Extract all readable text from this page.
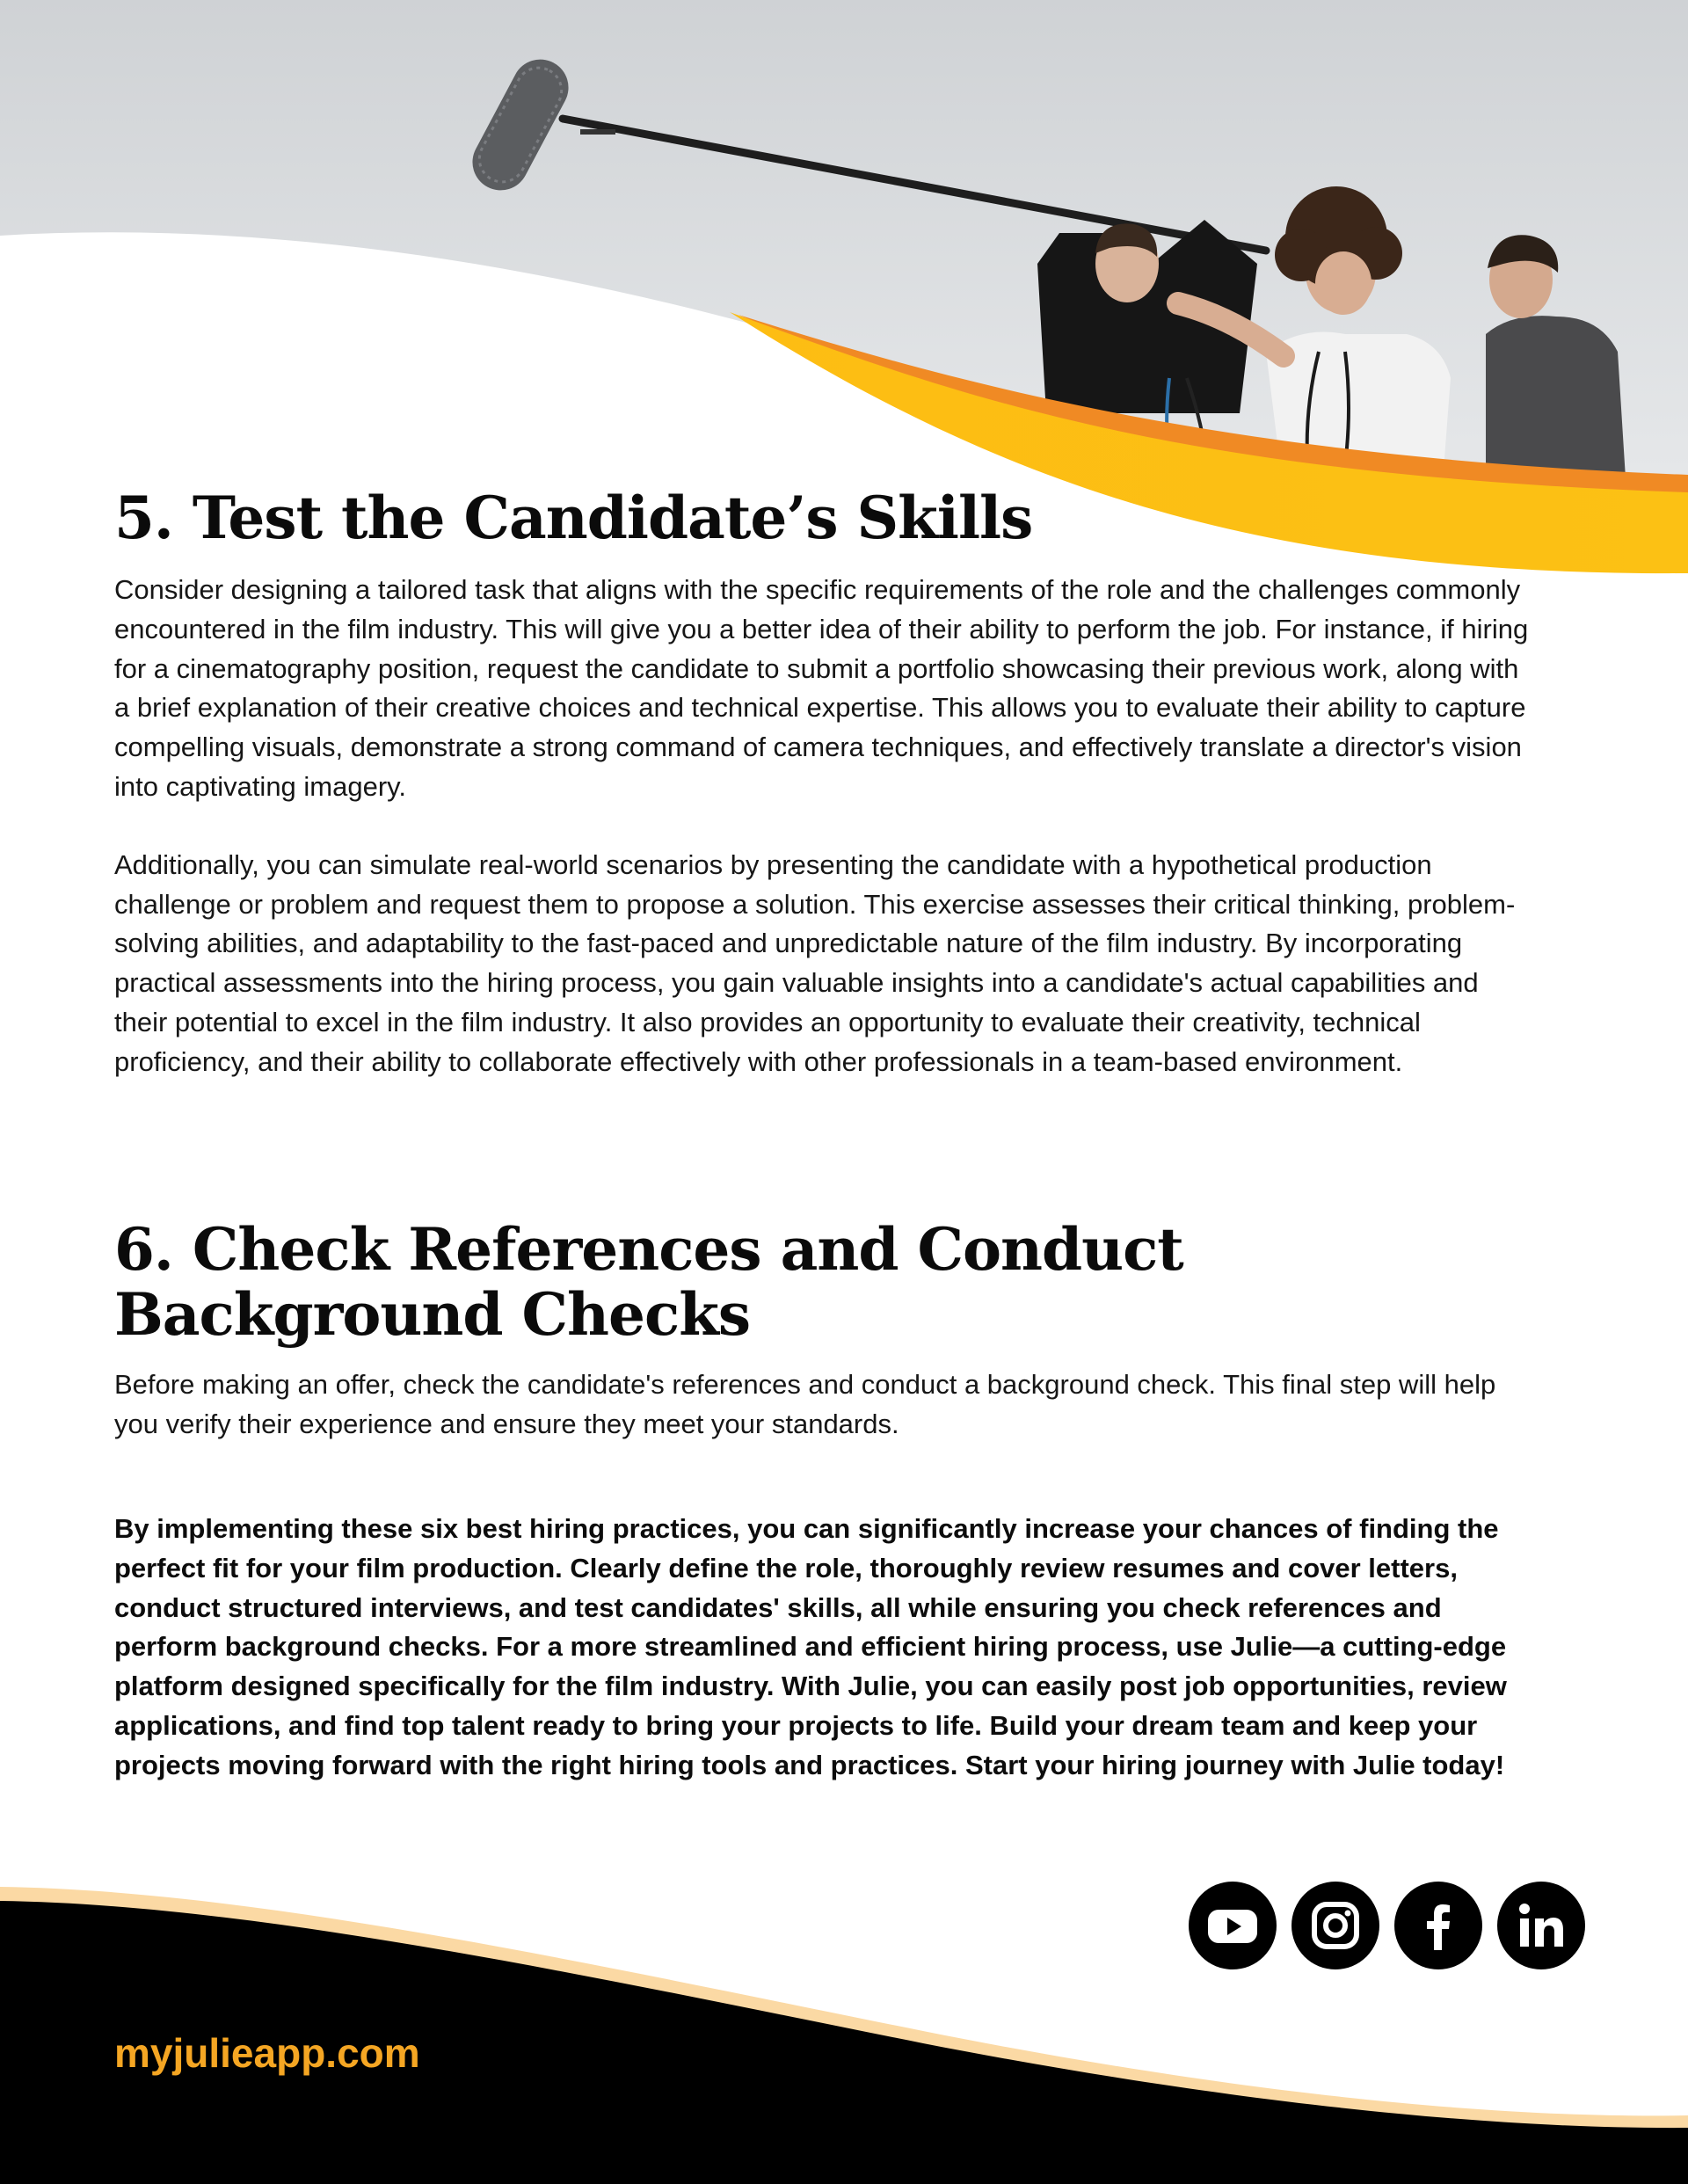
5. Test the Candidate’s Skills

Consider designing a tailored task that aligns with the specific requirements of the role and the challenges commonly encountered in the film industry. This will give you a better idea of their ability to perform the job. For instance, if hiring for a cinematography position, request the candidate to submit a portfolio showcasing their previous work, along with a brief explanation of their creative choices and technical expertise. This allows you to evaluate their ability to capture compelling visuals, demonstrate a strong command of camera techniques, and effectively translate a director's vision into captivating imagery.

Additionally, you can simulate real-world scenarios by presenting the candidate with a hypothetical production challenge or problem and request them to propose a solution. This exercise assesses their critical thinking, problem-solving abilities, and adaptability to the fast-paced and unpredictable nature of the film industry. By incorporating practical assessments into the hiring process, you gain valuable insights into a candidate's actual capabilities and their potential to excel in the film industry. It also provides an opportunity to evaluate their creativity, technical proficiency, and their ability to collaborate effectively with other professionals in a team-based environment.

6. Check References and Conduct Background Checks

Before making an offer, check the candidate's references and conduct a background check. This final step will help you verify their experience and ensure they meet your standards.

By implementing these six best hiring practices, you can significantly increase your chances of finding the perfect fit for your film production. Clearly define the role, thoroughly review resumes and cover letters, conduct structured interviews, and test candidates' skills, all while ensuring you check references and perform background checks. For a more streamlined and efficient hiring process, use Julie—a cutting-edge platform designed specifically for the film industry. With Julie, you can easily post job opportunities, review applications, and find top talent ready to bring your projects to life. Build your dream team and keep your projects moving forward with the right hiring tools and practices. Start your hiring journey with Julie today!

myjulieapp.com
